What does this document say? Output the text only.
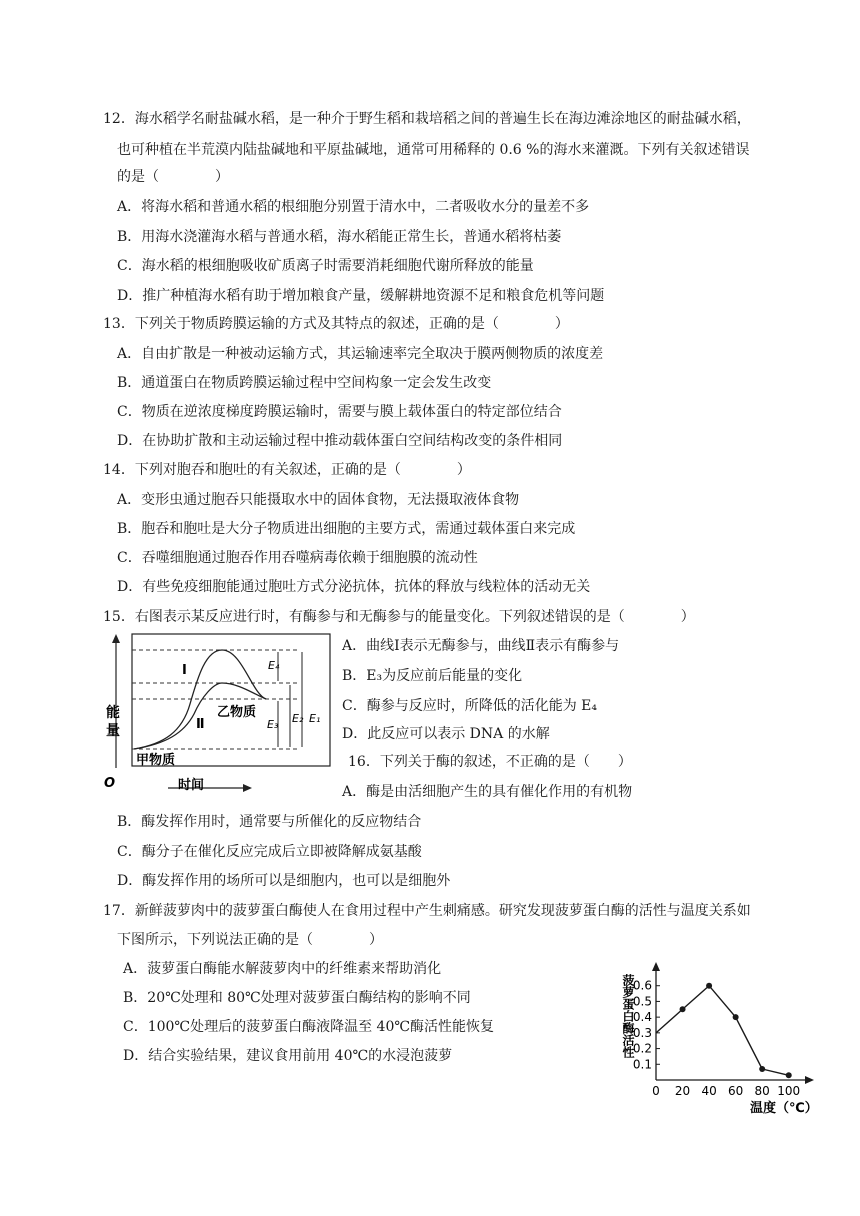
12．海水稻学名耐盐碱水稻，是一种介于野生稻和栽培稻之间的普遍生长在海边滩涂地区的耐盐碱水稻，
也可种植在半荒漠内陆盐碱地和平原盐碱地，通常可用稀释的 0.6 %的海水来灌溉。下列有关叙述错误
的是（　　　　）
A．将海水稻和普通水稻的根细胞分别置于清水中，二者吸收水分的量差不多
B．用海水浇灌海水稻与普通水稻，海水稻能正常生长，普通水稻将枯萎
C．海水稻的根细胞吸收矿质离子时需要消耗细胞代谢所释放的能量
D．推广种植海水稻有助于增加粮食产量，缓解耕地资源不足和粮食危机等问题
13．下列关于物质跨膜运输的方式及其特点的叙述，正确的是（　　　　）
A．自由扩散是一种被动运输方式，其运输速率完全取决于膜两侧物质的浓度差
B．通道蛋白在物质跨膜运输过程中空间构象一定会发生改变
C．物质在逆浓度梯度跨膜运输时，需要与膜上载体蛋白的特定部位结合
D．在协助扩散和主动运输过程中推动载体蛋白空间结构改变的条件相同
14．下列对胞吞和胞吐的有关叙述，正确的是（　　　　）
A．变形虫通过胞吞只能摄取水中的固体食物，无法摄取液体食物
B．胞吞和胞吐是大分子物质进出细胞的主要方式，需通过载体蛋白来完成
C．吞噬细胞通过胞吞作用吞噬病毒依赖于细胞膜的流动性
D．有些免疫细胞能通过胞吐方式分泌抗体，抗体的释放与线粒体的活动无关
15．右图表示某反应进行时，有酶参与和无酶参与的能量变化。下列叙述错误的是（　　　　）
能
量
O	时间
Ⅰ
Ⅱ
乙物质
甲物质
E₄
E₃ E₂ E₁
A．曲线Ⅰ表示无酶参与，曲线Ⅱ表示有酶参与
B．E₃为反应前后能量的变化
C．酶参与反应时，所降低的活化能为 E₄
D．此反应可以表示 DNA 的水解
16．下列关于酶的叙述，不正确的是（　　）
A．酶是由活细胞产生的具有催化作用的有机物
B．酶发挥作用时，通常要与所催化的反应物结合
C．酶分子在催化反应完成后立即被降解成氨基酸
D．酶发挥作用的场所可以是细胞内，也可以是细胞外
17．新鲜菠萝肉中的菠萝蛋白酶使人在食用过程中产生刺痛感。研究发现菠萝蛋白酶的活性与温度关系如
下图所示，下列说法正确的是（　　　　）
A．菠萝蛋白酶能水解菠萝肉中的纤维素来帮助消化
B．20℃处理和 80℃处理对菠萝蛋白酶结构的影响不同
C．100℃处理后的菠萝蛋白酶液降温至 40℃酶活性能恢复
D．结合实验结果，建议食用前用 40℃的水浸泡菠萝	菠萝蛋白酶活性
温度（℃）
0.1
0.2
0.3
0.4
0.5
0.6
0 20 40 60 80 100
